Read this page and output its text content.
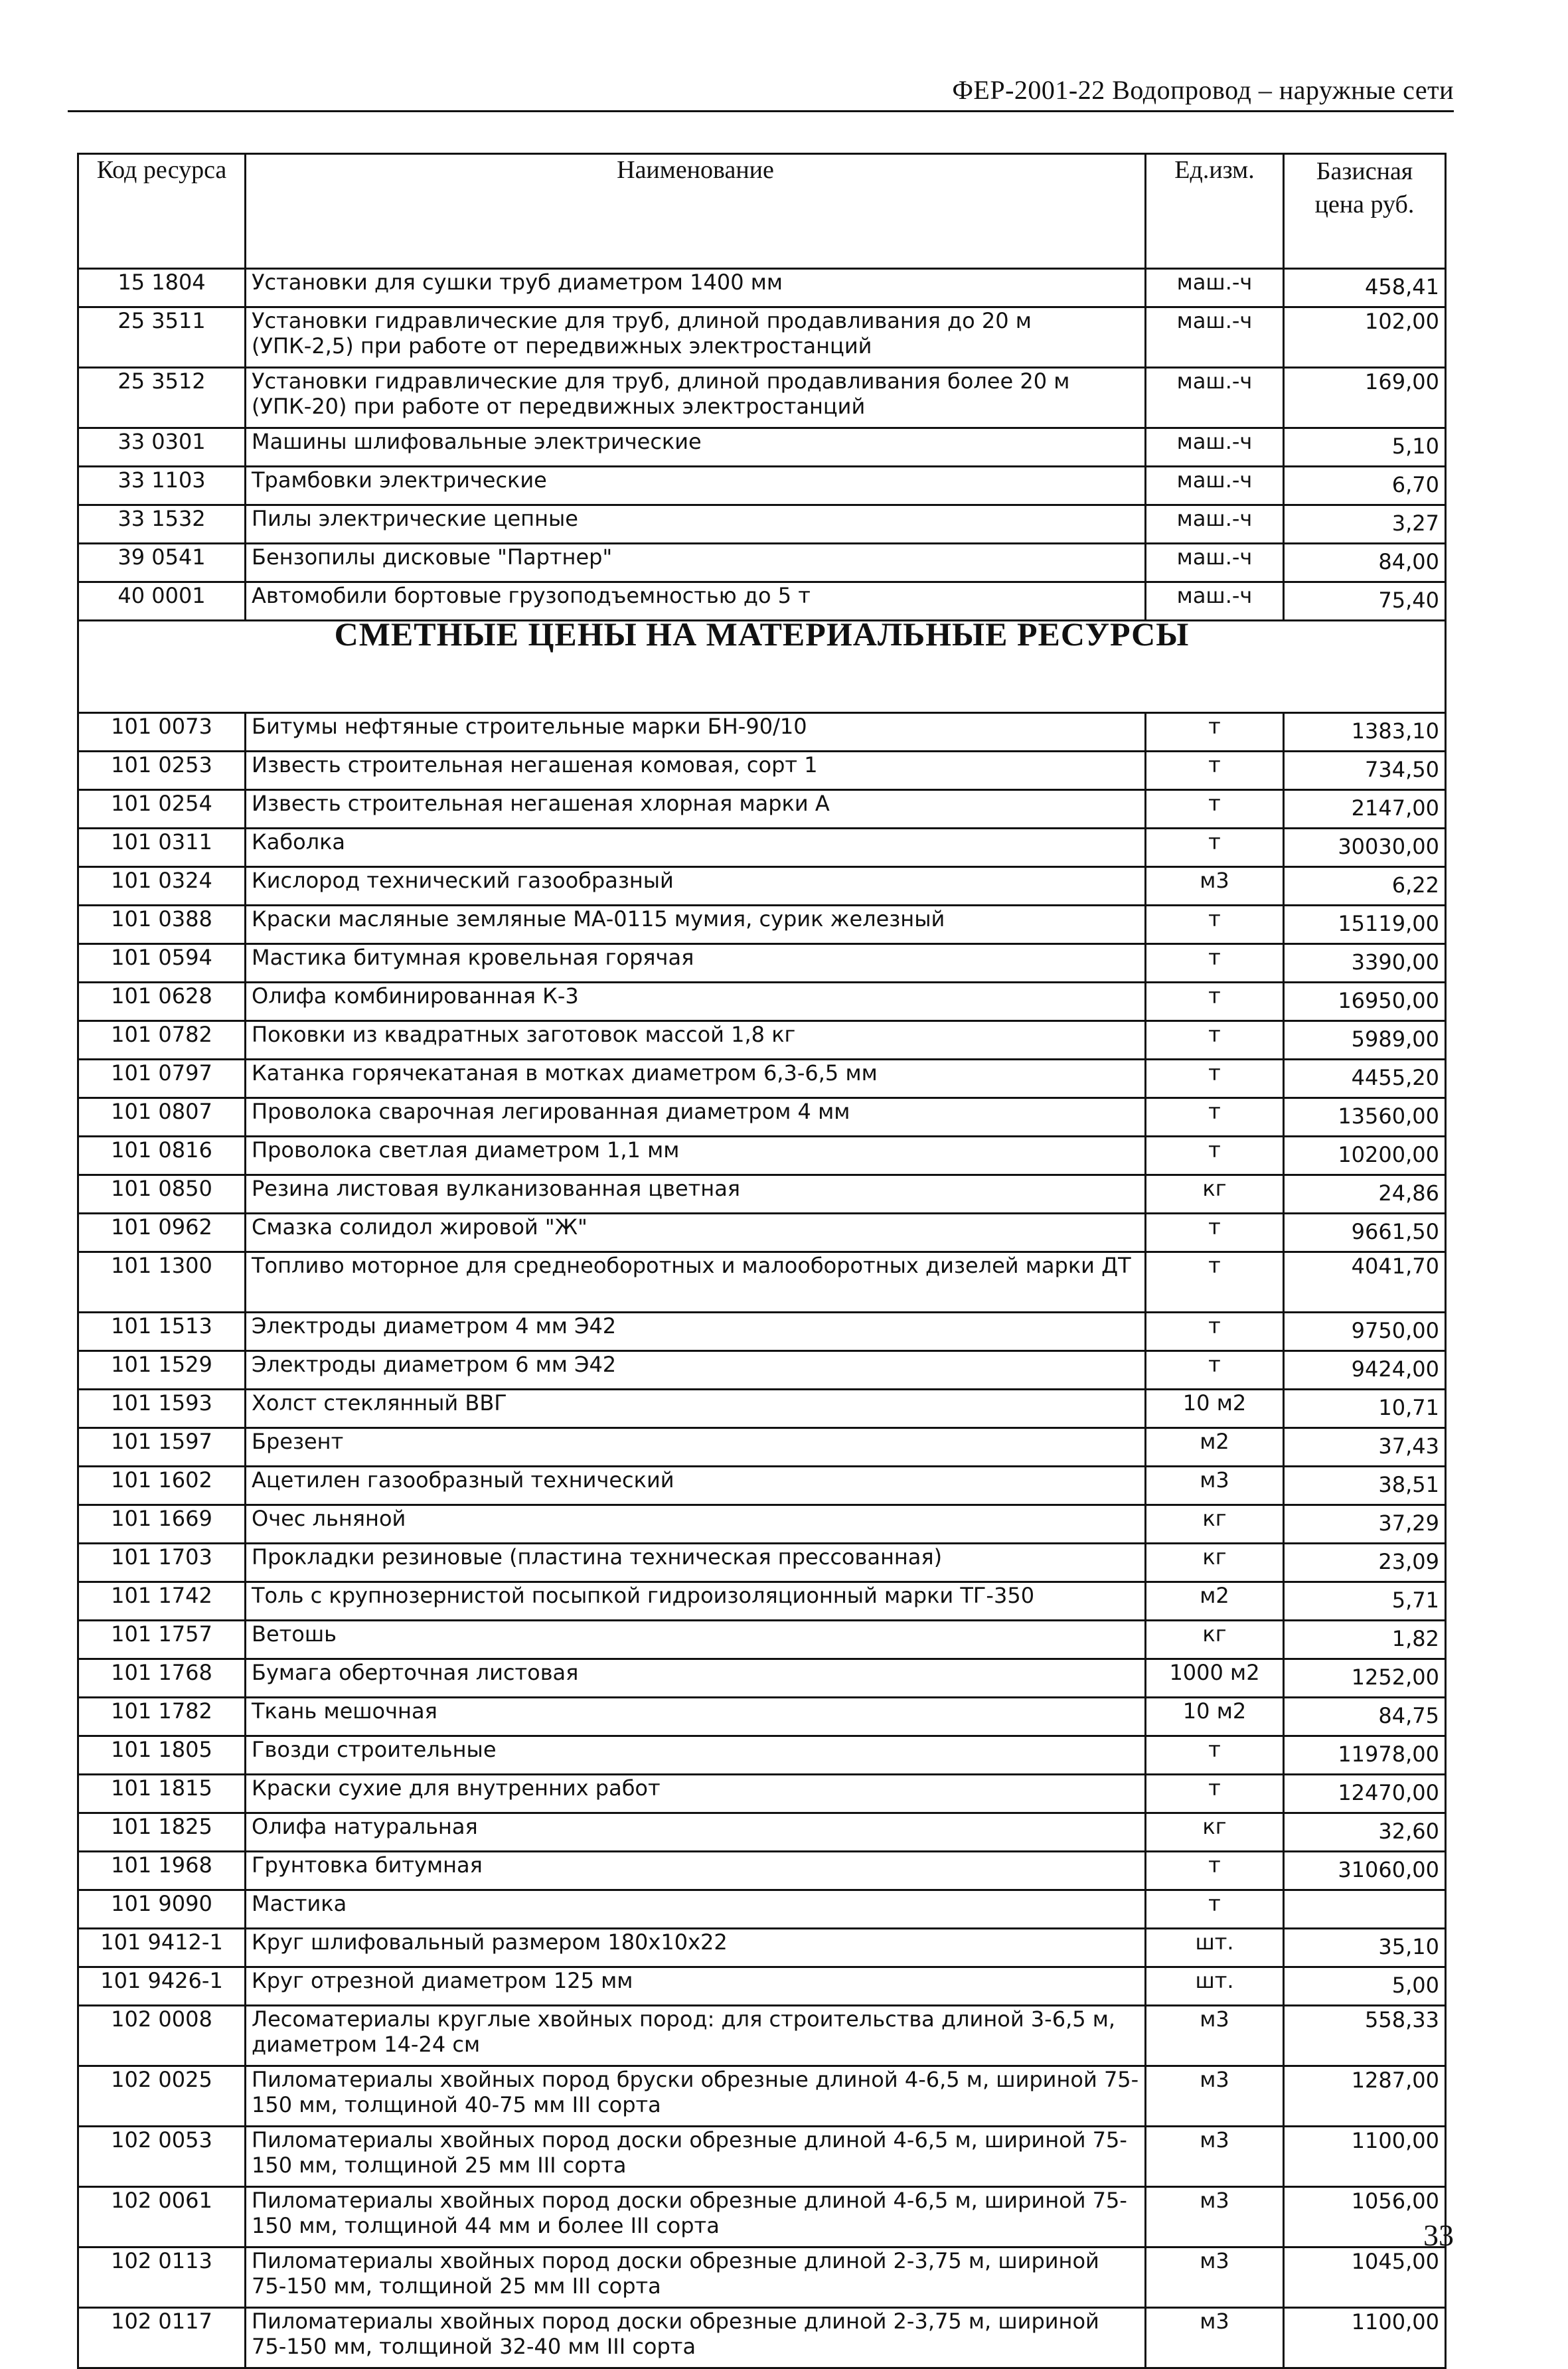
ФЕР-2001-22 Водопровод – наружные сети
Код ресурса	Наименование	Ед.изм.	Базисная цена руб.
15 1804	Установки для сушки труб диаметром 1400 мм	маш.-ч	458,41
25 3511	Установки гидравлические для труб, длиной продавливания до 20 м (УПК-2,5) при работе от передвижных электростанций	маш.-ч	102,00
25 3512	Установки гидравлические для труб, длиной продавливания более 20 м (УПК-20) при работе от передвижных электростанций	маш.-ч	169,00
33 0301	Машины шлифовальные электрические	маш.-ч	5,10
33 1103	Трамбовки электрические	маш.-ч	6,70
33 1532	Пилы электрические цепные	маш.-ч	3,27
39 0541	Бензопилы дисковые "Партнер"	маш.-ч	84,00
40 0001	Автомобили бортовые грузоподъемностью до 5 т	маш.-ч	75,40
СМЕТНЫЕ ЦЕНЫ НА МАТЕРИАЛЬНЫЕ РЕСУРСЫ			
101 0073	Битумы нефтяные строительные марки БН-90/10	т	1383,10
101 0253	Известь строительная негашеная комовая, сорт 1	т	734,50
101 0254	Известь строительная негашеная хлорная марки А	т	2147,00
101 0311	Каболка	т	30030,00
101 0324	Кислород технический газообразный	м3	6,22
101 0388	Краски масляные земляные МА-0115 мумия, сурик железный	т	15119,00
101 0594	Мастика битумная кровельная горячая	т	3390,00
101 0628	Олифа комбинированная К-3	т	16950,00
101 0782	Поковки из квадратных заготовок массой 1,8 кг	т	5989,00
101 0797	Катанка горячекатаная в мотках диаметром 6,3-6,5 мм	т	4455,20
101 0807	Проволока сварочная легированная диаметром 4 мм	т	13560,00
101 0816	Проволока светлая диаметром 1,1 мм	т	10200,00
101 0850	Резина листовая вулканизованная цветная	кг	24,86
101 0962	Смазка солидол жировой "Ж"	т	9661,50
101 1300	Топливо моторное для среднеоборотных и малооборотных дизелей марки ДТ	т	4041,70
101 1513	Электроды диаметром 4 мм Э42	т	9750,00
101 1529	Электроды диаметром 6 мм Э42	т	9424,00
101 1593	Холст стеклянный ВВГ	10 м2	10,71
101 1597	Брезент	м2	37,43
101 1602	Ацетилен газообразный технический	м3	38,51
101 1669	Очес льняной	кг	37,29
101 1703	Прокладки резиновые (пластина техническая прессованная)	кг	23,09
101 1742	Толь с крупнозернистой посыпкой гидроизоляционный марки ТГ-350	м2	5,71
101 1757	Ветошь	кг	1,82
101 1768	Бумага оберточная листовая	1000 м2	1252,00
101 1782	Ткань мешочная	10 м2	84,75
101 1805	Гвозди строительные	т	11978,00
101 1815	Краски сухие для внутренних работ	т	12470,00
101 1825	Олифа натуральная	кг	32,60
101 1968	Грунтовка битумная	т	31060,00
101 9090	Мастика	т	
101 9412-1	Круг шлифовальный размером 180x10x22	шт.	35,10
101 9426-1	Круг отрезной диаметром 125 мм	шт.	5,00
102 0008	Лесоматериалы круглые хвойных пород: для строительства длиной 3-6,5 м, диаметром 14-24 см	м3	558,33
102 0025	Пиломатериалы хвойных пород бруски обрезные длиной 4-6,5 м, шириной 75-150 мм, толщиной 40-75 мм III сорта	м3	1287,00
102 0053	Пиломатериалы хвойных пород доски обрезные длиной 4-6,5 м, шириной 75-150 мм, толщиной 25 мм III сорта	м3	1100,00
102 0061	Пиломатериалы хвойных пород доски обрезные длиной 4-6,5 м, шириной 75-150 мм, толщиной 44 мм и более III сорта	м3	1056,00
102 0113	Пиломатериалы хвойных пород доски обрезные длиной 2-3,75 м, шириной 75-150 мм, толщиной 25 мм III сорта	м3	1045,00
102 0117	Пиломатериалы хвойных пород доски обрезные длиной 2-3,75 м, шириной 75-150 мм, толщиной 32-40 мм III сорта	м3	1100,00
33
